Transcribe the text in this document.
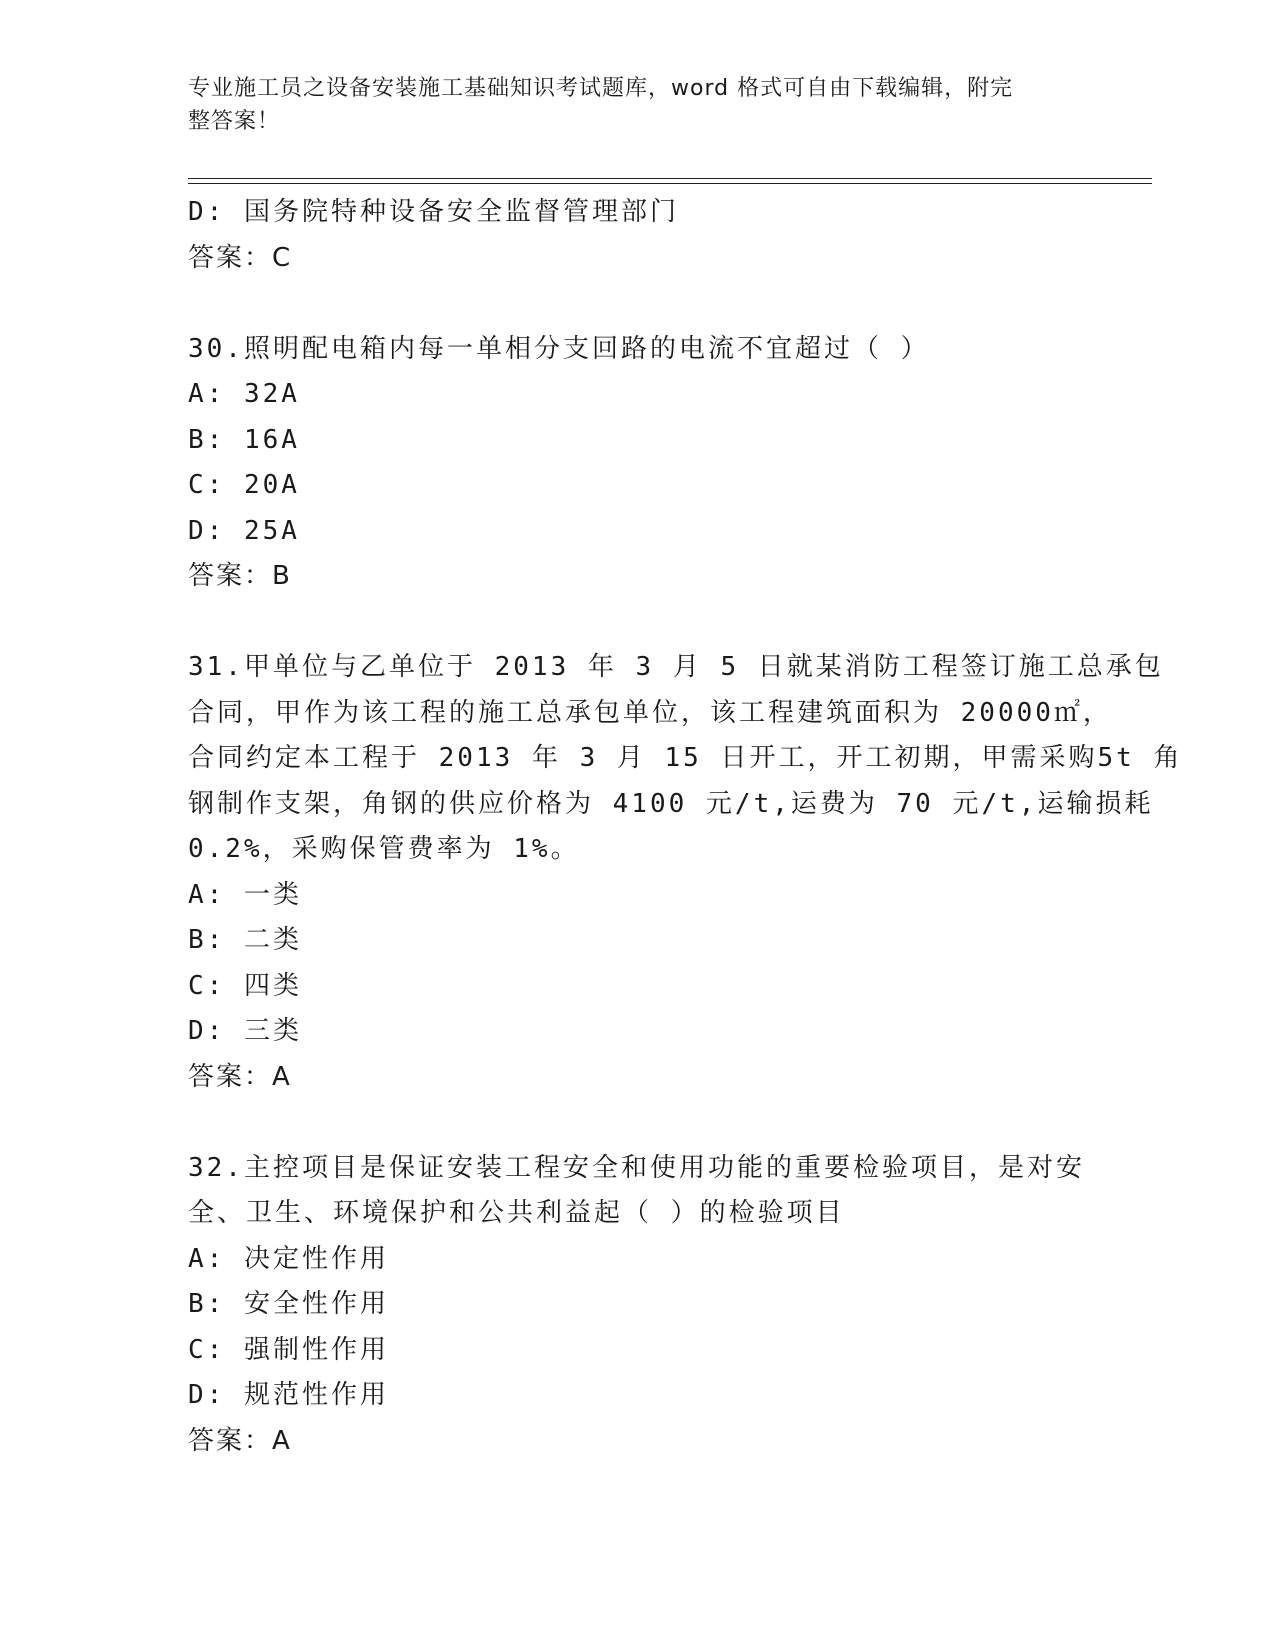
专业施工员之设备安装施工基础知识考试题库，word 格式可自由下载编辑，附完
整答案！
D: 国务院特种设备安全监督管理部门
答案：C
30.照明配电箱内每一单相分支回路的电流不宜超过（ ）
A: 32A
B: 16A
C: 20A
D: 25A
答案：B
31.甲单位与乙单位于 2013 年 3 月 5 日就某消防工程签订施工总承包
合同，甲作为该工程的施工总承包单位，该工程建筑面积为 20000㎡，
合同约定本工程于 2013 年 3 月 15 日开工，开工初期，甲需采购5t 角
钢制作支架，角钢的供应价格为 4100 元/t,运费为 70 元/t,运输损耗
0.2%，采购保管费率为 1%。
A: 一类
B: 二类
C: 四类
D: 三类
答案：A
32.主控项目是保证安装工程安全和使用功能的重要检验项目，是对安
全、卫生、环境保护和公共利益起（ ）的检验项目
A: 决定性作用
B: 安全性作用
C: 强制性作用
D: 规范性作用
答案：A
